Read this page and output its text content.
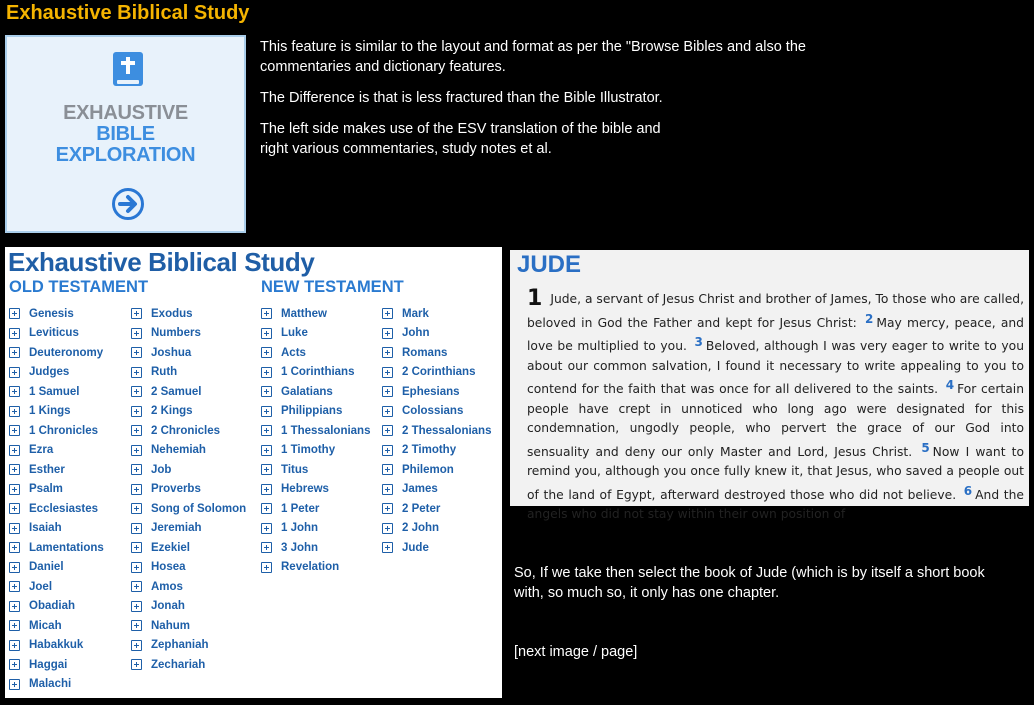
Exhaustive Biblical Study
EXHAUSTIVE
BIBLE
EXPLORATION

This feature is similar to the layout and format as per the "Browse Bibles and also the commentaries and dictionary features.

The Difference is that is less fractured than the Bible Illustrator.

The left side makes use of the ESV translation of the bible and
right various commentaries, study notes et al.

Exhaustive Biblical Study
OLD TESTAMENT	NEW TESTAMENT
Genesis
Leviticus
Deuteronomy
Judges
1 Samuel
1 Kings
1 Chronicles
Ezra
Esther
Psalm
Ecclesiastes
Isaiah
Lamentations
Daniel
Joel
Obadiah
Micah
Habakkuk
Haggai
Malachi
Exodus
Numbers
Joshua
Ruth
2 Samuel
2 Kings
2 Chronicles
Nehemiah
Job
Proverbs
Song of Solomon
Jeremiah
Ezekiel
Hosea
Amos
Jonah
Nahum
Zephaniah
Zechariah
Matthew
Luke
Acts
1 Corinthians
Galatians
Philippians
1 Thessalonians
1 Timothy
Titus
Hebrews
1 Peter
1 John
3 John
Revelation
Mark
John
Romans
2 Corinthians
Ephesians
Colossians
2 Thessalonians
2 Timothy
Philemon
James
2 Peter
2 John
Jude
JUDE
1 Jude, a servant of Jesus Christ and brother of James, To those who are called, beloved in God the Father and kept for Jesus Christ: 2 May mercy, peace, and love be multiplied to you. 3 Beloved, although I was very eager to write to you about our common salvation, I found it necessary to write appealing to you to contend for the faith that was once for all delivered to the saints. 4 For certain people have crept in unnoticed who long ago were designated for this condemnation, ungodly people, who pervert the grace of our God into sensuality and deny our only Master and Lord, Jesus Christ. 5 Now I want to remind you, although you once fully knew it, that Jesus, who saved a people out of the land of Egypt, afterward destroyed those who did not believe. 6 And the angels who did not stay within their own position of
So, If we take then select the book of Jude (which is by itself a short book with, so much so, it only has one chapter.
[next image / page]
